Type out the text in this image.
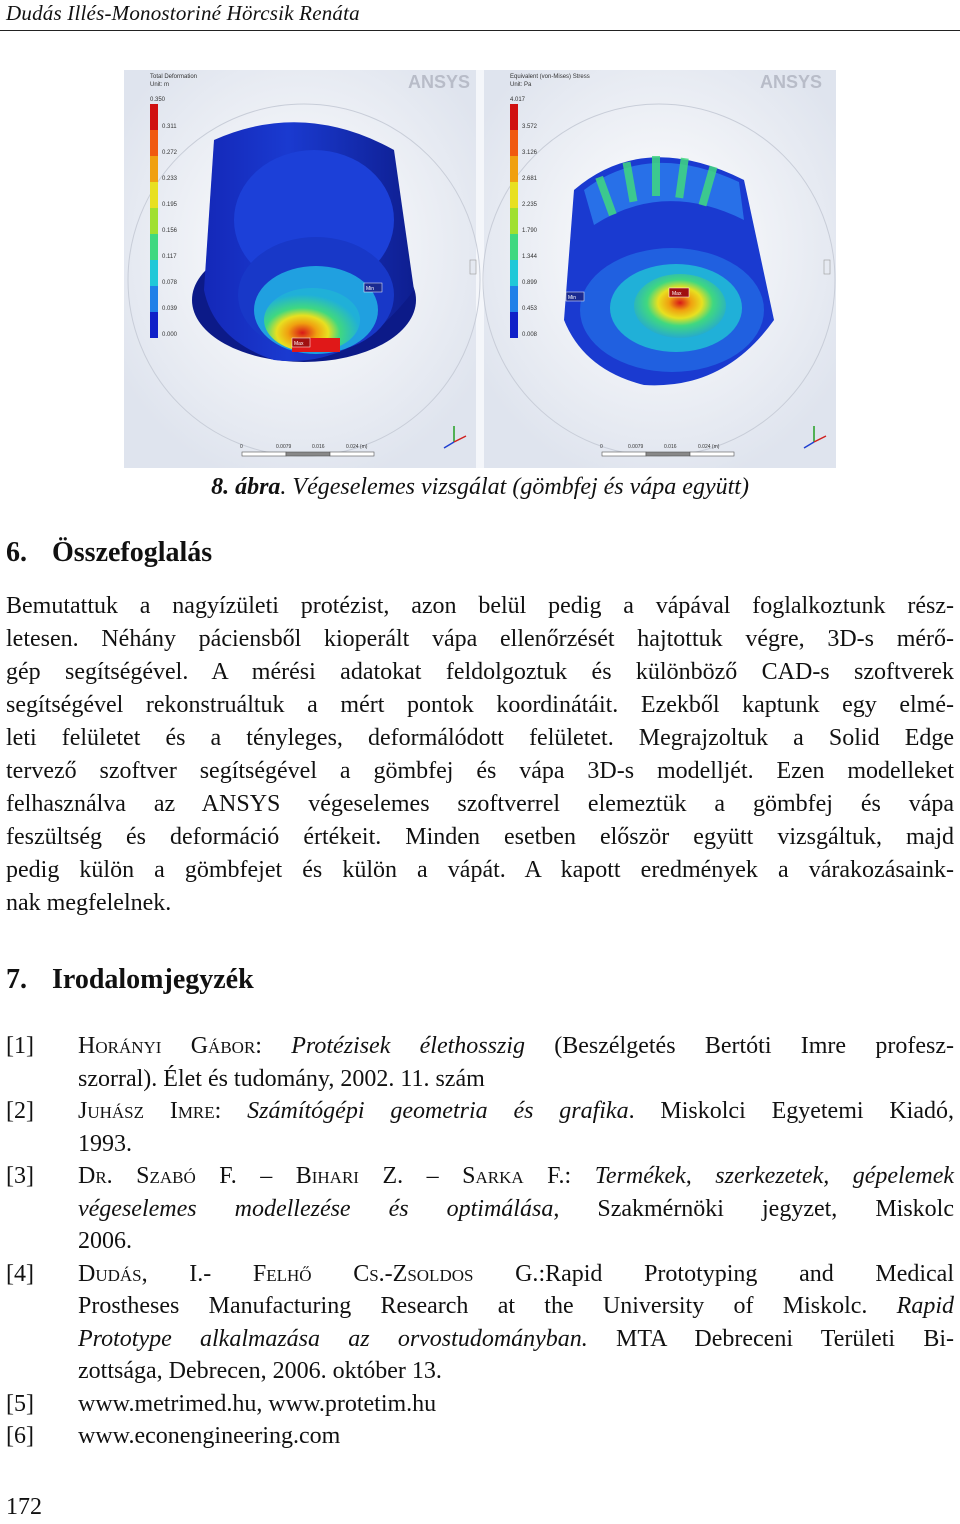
Dudás Illés-Monostoriné Hörcsik Renáta
Total Deformation
Unit: m
0.350
0.311
0.272
0.233
0.195
0.156
0.117
0.078
0.039
0.000
ANSYS
Min
Max
0	0.0079	0.016	0.024 (m)
Equivalent (von-Mises) Stress
Unit: Pa
4.017
3.572
3.126
2.681
2.235
1.790
1.344
0.899
0.453
0.008
ANSYS
Min
Max
0	0.0079	0.016	0.024 (m)
8. ábra. Végeselemes vizsgálat (gömbfej és vápa együtt)
6. Összefoglalás
Bemutattuk a nagyízületi protézist, azon belül pedig a vápával foglalkoztunk rész-
letesen. Néhány páciensből kioperált vápa ellenőrzését hajtottuk végre, 3D-s mérő-
gép segítségével. A mérési adatokat feldolgoztuk és különböző CAD-s szoftverek
segítségével rekonstruáltuk a mért pontok koordinátáit. Ezekből kaptunk egy elmé-
leti felületet és a tényleges, deformálódott felületet. Megrajzoltuk a Solid Edge
tervező szoftver segítségével a gömbfej és vápa 3D-s modelljét. Ezen modelleket
felhasználva az ANSYS végeselemes szoftverrel elemeztük a gömbfej és vápa
feszültség és deformáció értékeit. Minden esetben először együtt vizsgáltuk, majd
pedig külön a gömbfejet és külön a vápát. A kapott eredmények a várakozásaink-
nak megfelelnek.
7. Irodalomjegyzék
[1]	Horányi Gábor: Protézisek élethosszig (Beszélgetés Bertóti Imre profesz-
szorral). Élet és tudomány, 2002. 11. szám
[2]	Juhász Imre: Számítógépi geometria és grafika. Miskolci Egyetemi Kiadó,
1993.
[3]	Dr. Szabó F. – Bihari Z. – Sarka F.: Termékek, szerkezetek, gépelemek
végeselemes modellezése és optimálása, Szakmérnöki jegyzet, Miskolc
2006.
[4]	Dudás, I.- Felhő Cs.-Zsoldos G.:Rapid Prototyping and Medical
Prostheses Manufacturing Research at the University of Miskolc. Rapid
Prototype alkalmazása az orvostudományban. MTA Debreceni Területi Bi-
zottsága, Debrecen, 2006. október 13.
[5]	www.metrimed.hu, www.protetim.hu
[6]	www.econengineering.com
172
